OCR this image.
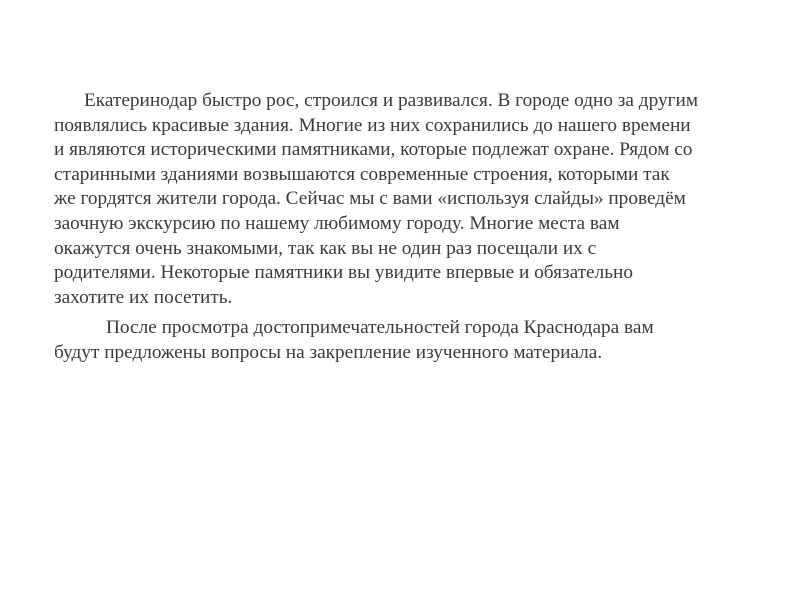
Екатеринодар быстро рос, строился и развивался. В городе одно за другим
появлялись красивые здания. Многие из них сохранились до нашего времени
и являются историческими памятниками, которые подлежат охране. Рядом со
старинными зданиями возвышаются современные строения, которыми так
же гордятся жители города. Сейчас мы с вами «используя слайды» проведём
заочную экскурсию по нашему любимому городу. Многие места вам
окажутся очень знакомыми, так как вы не один раз посещали их с
родителями. Некоторые памятники вы увидите впервые и обязательно
захотите их посетить.

После просмотра достопримечательностей города Краснодара вам
будут предложены вопросы на закрепление изученного материала.
